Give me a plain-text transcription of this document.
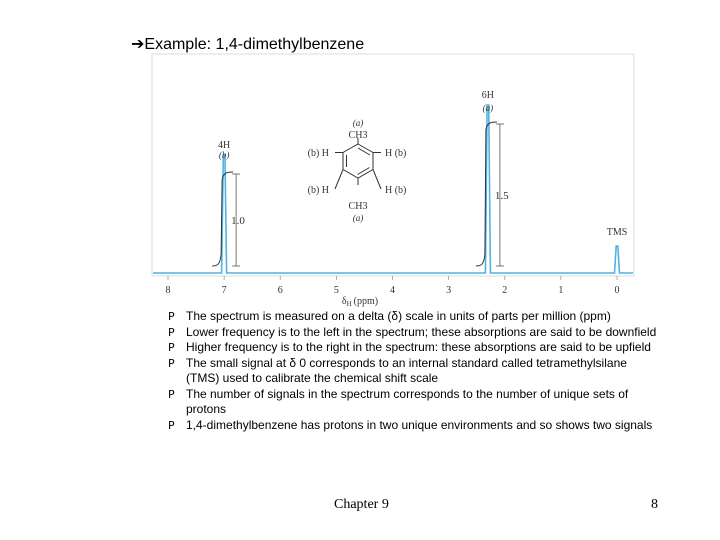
➔Example: 1,4-dimethylbenzene
1.0
1.5
4H
(b)
6H
(a)
TMS
(a)
CH3
(b) H	H (b)
(b) H	H (b)
CH3
(a)
8	7	6	5	4	3	2	1	0
$\delta_H$ (ppm)
Ρ The spectrum is measured on a delta (δ) scale in units of parts per million (ppm)
Ρ Lower frequency is to the left in the spectrum; these absorptions are said to be downfield
Ρ Higher frequency is to the right in the spectrum: these absorptions are said to be upfield
Ρ The small signal at δ 0 corresponds to an internal standard called tetramethylsilane (TMS) used to calibrate the chemical shift scale
Ρ The number of signals in the spectrum corresponds to the number of unique sets of protons
Ρ 1,4-dimethylbenzene has protons in two unique environments and so shows two signals
Chapter 9	8
